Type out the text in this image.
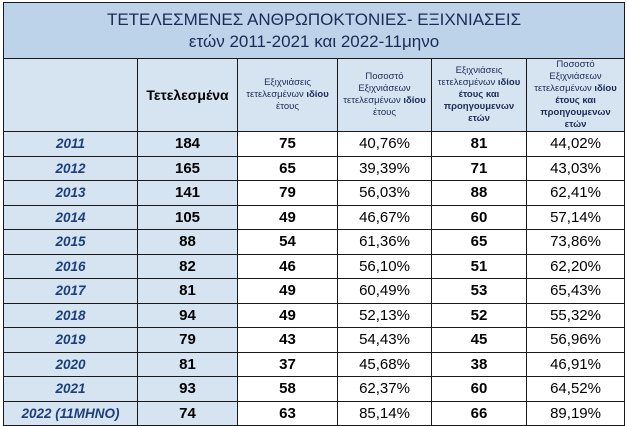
ΤΕΤΕΛΕΣΜΕΝΕΣ ΑΝΘΡΩΠΟΚΤΟΝΙΕΣ- ΕΞΙΧΝΙΑΣΕΙΣ
ετών 2011-2021 και 2022-11μηνο					

	Τετελεσμένα	Εξιχνιάσεις τετελεσμένων ιδίου έτους	Ποσοστό Εξιχνιάσεων τετελεσμένων ιδίου έτους	Εξιχνιάσεις τετελεσμένων ιδίου έτους και προηγουμενων ετών	Ποσοστό Εξιχνιάσεων τετελεσμένων ιδίου έτους και προηγουμενων ετών
2011	184	75	40,76%	81	44,02%
2012	165	65	39,39%	71	43,03%
2013	141	79	56,03%	88	62,41%
2014	105	49	46,67%	60	57,14%
2015	88	54	61,36%	65	73,86%
2016	82	46	56,10%	51	62,20%
2017	81	49	60,49%	53	65,43%
2018	94	49	52,13%	52	55,32%
2019	79	43	54,43%	45	56,96%
2020	81	37	45,68%	38	46,91%
2021	93	58	62,37%	60	64,52%
2022 (11ΜΗΝΟ)	74	63	85,14%	66	89,19%
